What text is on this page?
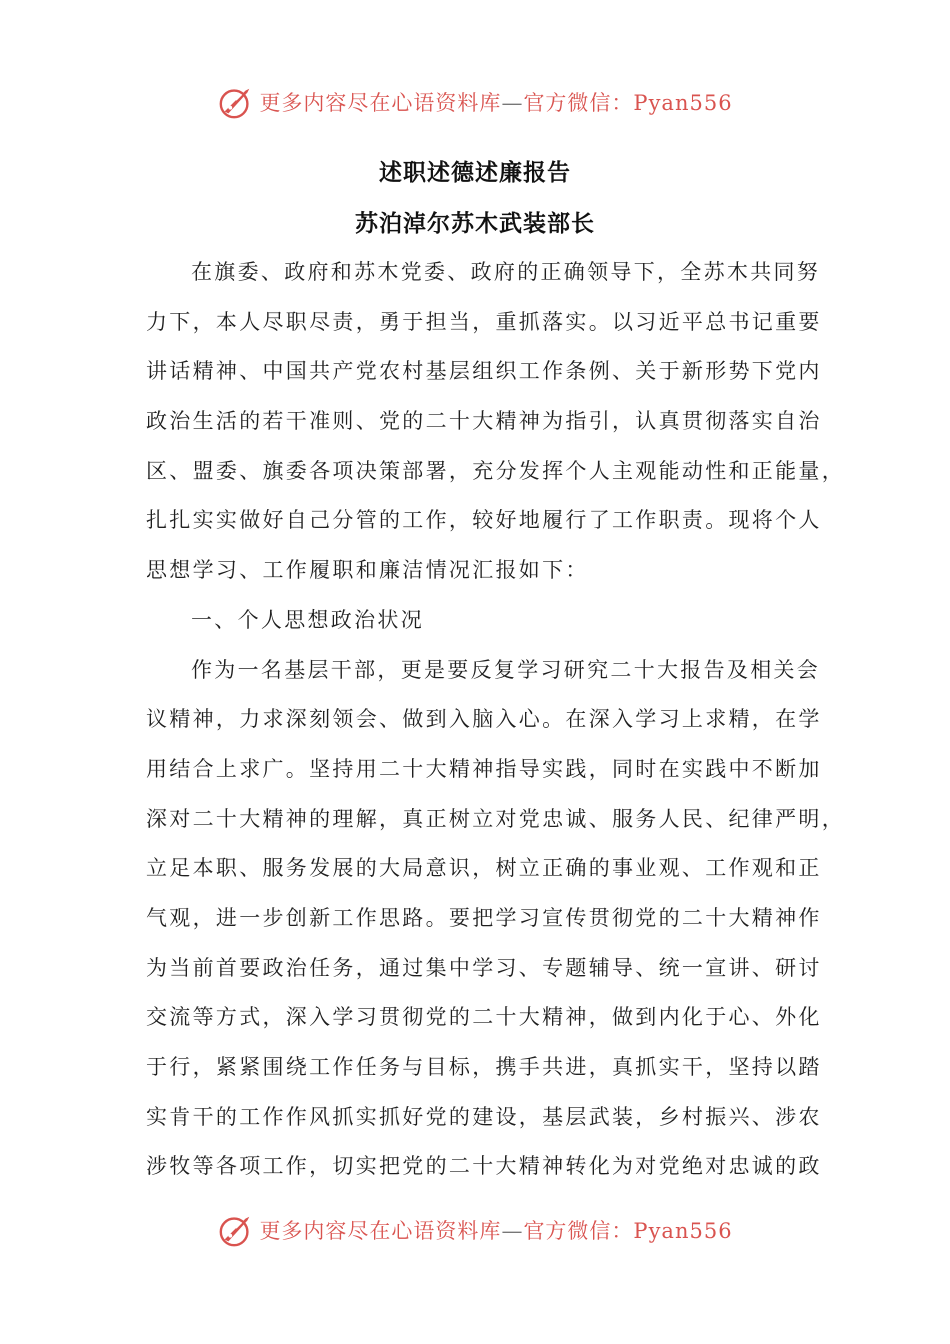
更多内容尽在心语资料库—官方微信：Pyan556
述职述德述廉报告
苏泊淖尔苏木武装部长
在旗委、政府和苏木党委、政府的正确领导下，全苏木共同努
力下，本人尽职尽责，勇于担当，重抓落实。以习近平总书记重要
讲话精神、中国共产党农村基层组织工作条例、关于新形势下党内
政治生活的若干准则、党的二十大精神为指引，认真贯彻落实自治
区、盟委、旗委各项决策部署，充分发挥个人主观能动性和正能量，
扎扎实实做好自己分管的工作，较好地履行了工作职责。现将个人
思想学习、工作履职和廉洁情况汇报如下：
一、个人思想政治状况
作为一名基层干部，更是要反复学习研究二十大报告及相关会
议精神，力求深刻领会、做到入脑入心。在深入学习上求精，在学
用结合上求广。坚持用二十大精神指导实践，同时在实践中不断加
深对二十大精神的理解，真正树立对党忠诚、服务人民、纪律严明，
立足本职、服务发展的大局意识，树立正确的事业观、工作观和正
气观，进一步创新工作思路。要把学习宣传贯彻党的二十大精神作
为当前首要政治任务，通过集中学习、专题辅导、统一宣讲、研讨
交流等方式，深入学习贯彻党的二十大精神，做到内化于心、外化
于行，紧紧围绕工作任务与目标，携手共进，真抓实干，坚持以踏
实肯干的工作作风抓实抓好党的建设，基层武装，乡村振兴、涉农
涉牧等各项工作，切实把党的二十大精神转化为对党绝对忠诚的政
更多内容尽在心语资料库—官方微信：Pyan556
